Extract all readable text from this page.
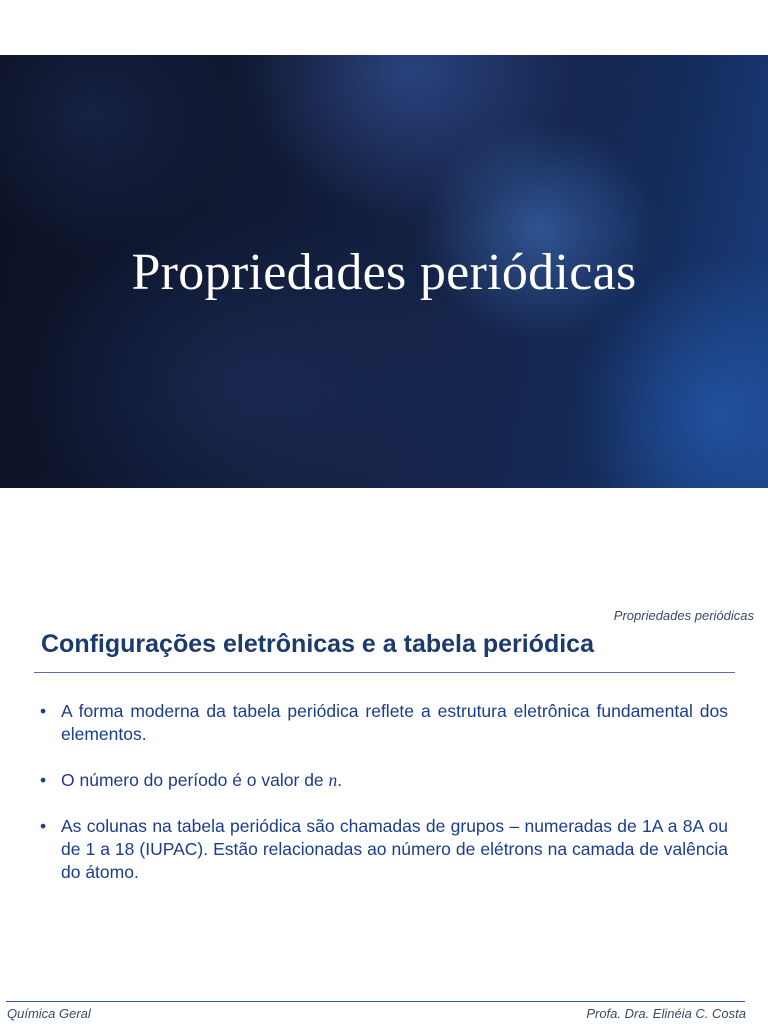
Propriedades periódicas
Propriedades periódicas
Configurações eletrônicas e a tabela periódica
• A forma moderna da tabela periódica reflete a estrutura eletrônica fundamental dos elementos.
• O número do período é o valor de n.
• As colunas na tabela periódica são chamadas de grupos – numeradas de 1A a 8A ou de 1 a 18 (IUPAC). Estão relacionadas ao número de elétrons na camada de valência do átomo.
Química Geral	Profa. Dra. Elinéia C. Costa
